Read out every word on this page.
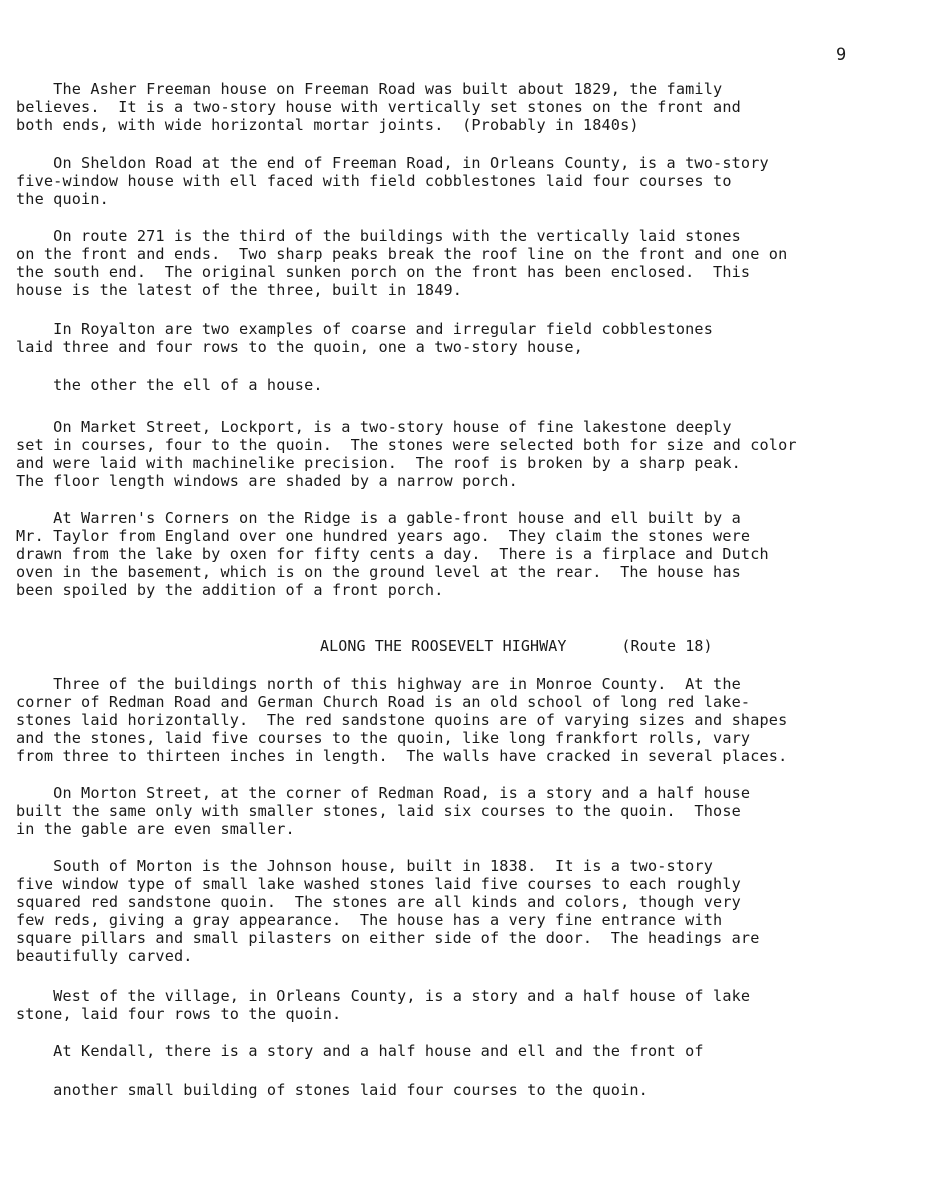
9

The Asher Freeman house on Freeman Road was built about 1829, the family
believes.  It is a two-story house with vertically set stones on the front and
both ends, with wide horizontal mortar joints.  (Probably in 1840s)

On Sheldon Road at the end of Freeman Road, in Orleans County, is a two-story
five-window house with ell faced with field cobblestones laid four courses to
the quoin.

On route 271 is the third of the buildings with the vertically laid stones
on the front and ends.  Two sharp peaks break the roof line on the front and one on
the south end.  The original sunken porch on the front has been enclosed.  This
house is the latest of the three, built in 1849.

In Royalton are two examples of coarse and irregular field cobblestones
laid three and four rows to the quoin, one a two-story house,

the other the ell of a house.

On Market Street, Lockport, is a two-story house of fine lakestone deeply
set in courses, four to the quoin.  The stones were selected both for size and color
and were laid with machinelike precision.  The roof is broken by a sharp peak.
The floor length windows are shaded by a narrow porch.

At Warren's Corners on the Ridge is a gable-front house and ell built by a
Mr. Taylor from England over one hundred years ago.  They claim the stones were
drawn from the lake by oxen for fifty cents a day.  There is a firplace and Dutch
oven in the basement, which is on the ground level at the rear.  The house has
been spoiled by the addition of a front porch.

ALONG THE ROOSEVELT HIGHWAY      (Route 18)

Three of the buildings north of this highway are in Monroe County.  At the
corner of Redman Road and German Church Road is an old school of long red lake-
stones laid horizontally.  The red sandstone quoins are of varying sizes and shapes
and the stones, laid five courses to the quoin, like long frankfort rolls, vary
from three to thirteen inches in length.  The walls have cracked in several places.

On Morton Street, at the corner of Redman Road, is a story and a half house
built the same only with smaller stones, laid six courses to the quoin.  Those
in the gable are even smaller.

South of Morton is the Johnson house, built in 1838.  It is a two-story
five window type of small lake washed stones laid five courses to each roughly
squared red sandstone quoin.  The stones are all kinds and colors, though very
few reds, giving a gray appearance.  The house has a very fine entrance with
square pillars and small pilasters on either side of the door.  The headings are
beautifully carved.

West of the village, in Orleans County, is a story and a half house of lake
stone, laid four rows to the quoin.

At Kendall, there is a story and a half house and ell and the front of

another small building of stones laid four courses to the quoin.
